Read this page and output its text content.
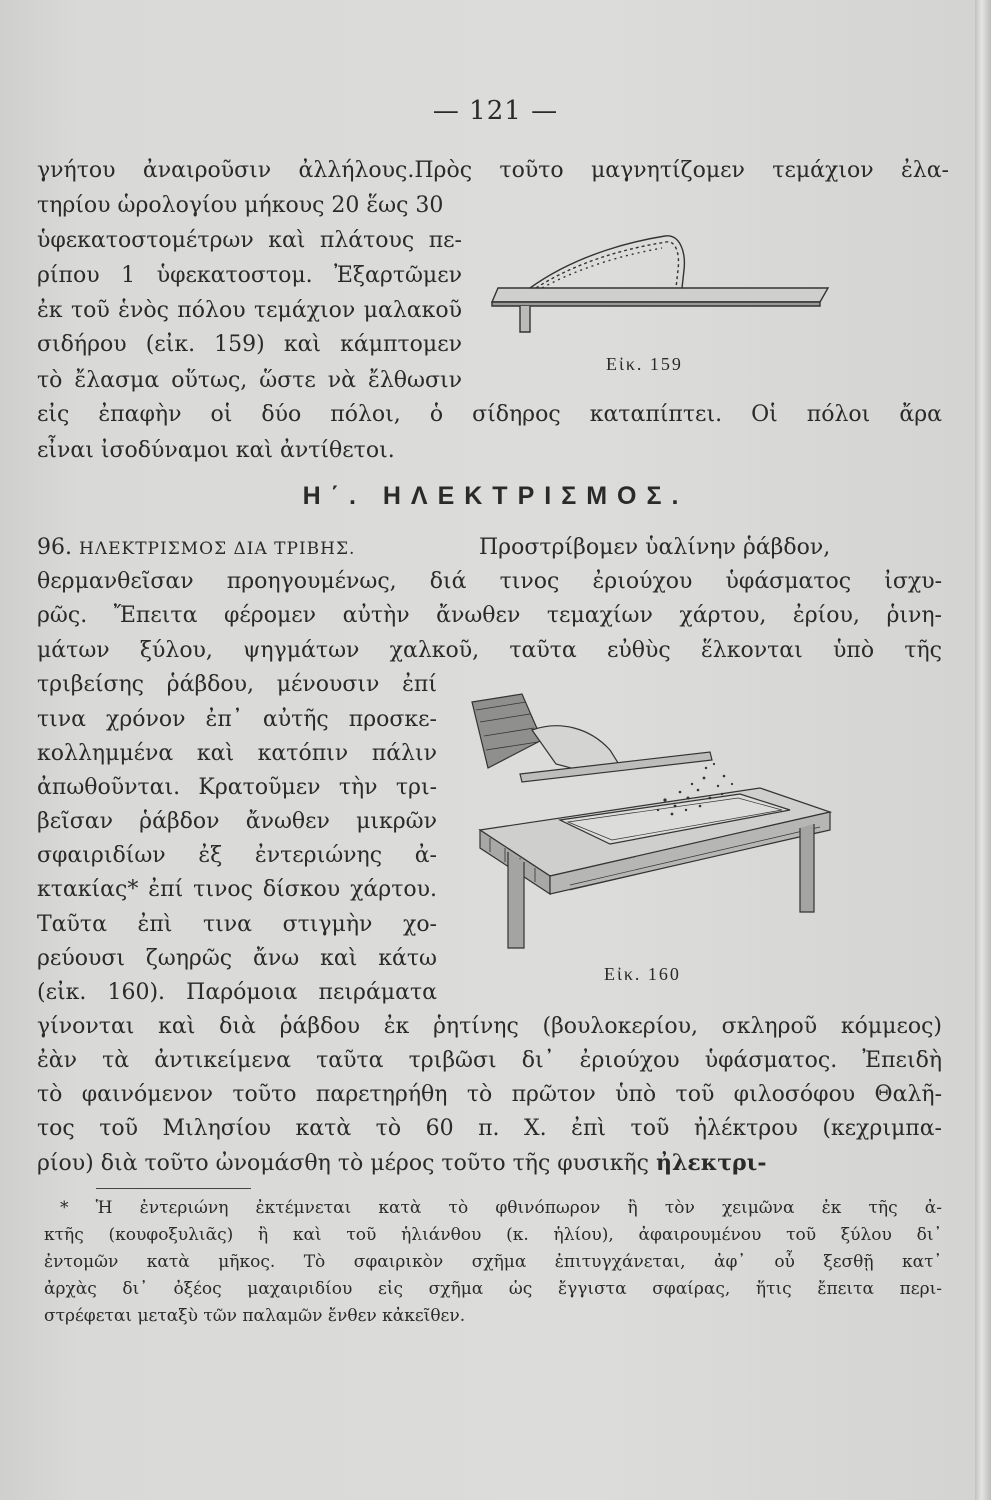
— 121 —
γνήτου ἀναιροῦσιν ἀλλήλους.Πρὸς τοῦτο μαγνητίζομεν τεμάχιον ἐλα-
τηρίου ὡρολογίου μήκους 20 ἕως 30
ὑφεκατοστομέτρων καὶ πλάτους πε-
ρίπου 1 ὑφεκατοστομ. Ἐξαρτῶμεν
ἐκ τοῦ ἑνὸς πόλου τεμάχιον μαλακοῦ
σιδήρου (εἰκ. 159) καὶ κάμπτομεν
τὸ ἔλασμα οὕτως, ὥστε νὰ ἔλθωσιν
εἰς ἐπαφὴν οἱ δύο πόλοι, ὁ σίδηρος καταπίπτει. Οἱ πόλοι ἄρα
εἶναι ἰσοδύναμοι καὶ ἀντίθετοι.
Εἰκ. 159
Η΄. ΗΛΕΚΤΡΙΣΜΟΣ.
96. ΗΛΕΚΤΡΙΣΜΟΣ ΔΙΑ ΤΡΙΒΗΣ.	Προστρίβομεν ὑαλίνην ῥάβδον,
θερμανθεῖσαν προηγουμένως, διά τινος ἐριούχου ὑφάσματος ἰσχυ-
ρῶς. Ἔπειτα φέρομεν αὐτὴν ἄνωθεν τεμαχίων χάρτου, ἐρίου, ῥινη-
μάτων ξύλου, ψηγμάτων χαλκοῦ, ταῦτα εὐθὺς ἕλκονται ὑπὸ τῆς
τριβείσης ῥάβδου, μένουσιν ἐπί
τινα χρόνον ἐπ᾽ αὐτῆς προσκε-
κολλημμένα καὶ κατόπιν πάλιν
ἀπωθοῦνται. Κρατοῦμεν τὴν τρι-
βεῖσαν ῥάβδον ἄνωθεν μικρῶν
σφαιριδίων ἐξ ἐντεριώνης ἀ-
κτακίας* ἐπί τινος δίσκου χάρτου.
Ταῦτα ἐπὶ τινα στιγμὴν χο-
ρεύουσι ζωηρῶς ἄνω καὶ κάτω
(εἰκ. 160). Παρόμοια πειράματα
γίνονται καὶ διὰ ῥάβδου ἐκ ῥητίνης (βουλοκερίου, σκληροῦ κόμμεος)
ἐὰν τὰ ἀντικείμενα ταῦτα τριβῶσι δι᾽ ἐριούχου ὑφάσματος. Ἐπειδὴ
τὸ φαινόμενον τοῦτο παρετηρήθη τὸ πρῶτον ὑπὸ τοῦ φιλοσόφου Θαλῆ-
τος τοῦ Μιλησίου κατὰ τὸ 60 π. Χ. ἐπὶ τοῦ ἠλέκτρου (κεχριμπα-
ρίου) διὰ τοῦτο ὠνομάσθη τὸ μέρος τοῦτο τῆς φυσικῆς ἠλεκτρι-
Εἰκ. 160
* Ἡ ἐντεριώνη ἐκτέμνεται κατὰ τὸ φθινόπωρον ἢ τὸν χειμῶνα ἐκ τῆς ἀ-
κτῆς (κουφοξυλιᾶς) ἢ καὶ τοῦ ἡλιάνθου (κ. ἡλίου), ἀφαιρουμένου τοῦ ξύλου δι᾽
ἐντομῶν κατὰ μῆκος. Τὸ σφαιρικὸν σχῆμα ἐπιτυγχάνεται, ἀφ᾽ οὗ ξεσθῇ κατ᾽
ἀρχὰς δι᾽ ὀξέος μαχαιριδίου εἰς σχῆμα ὡς ἔγγιστα σφαίρας, ἥτις ἔπειτα περι-
στρέφεται μεταξὺ τῶν παλαμῶν ἔνθεν κἀκεῖθεν.
